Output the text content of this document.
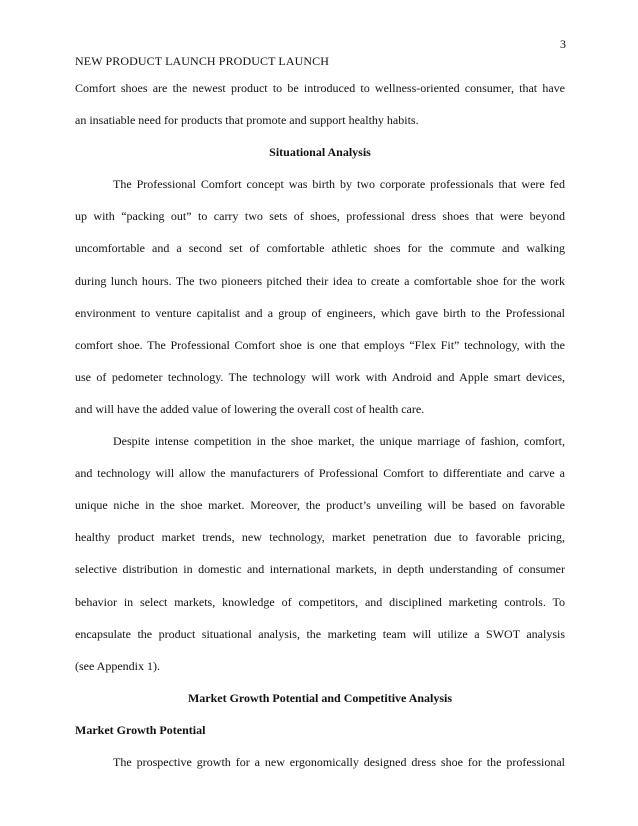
3
NEW PRODUCT LAUNCH PRODUCT LAUNCH
Comfort shoes are the newest product to be introduced to wellness-oriented consumer, that have
an insatiable need for products that promote and support healthy habits.
Situational Analysis
The Professional Comfort concept was birth by two corporate professionals that were fed
up with “packing out” to carry two sets of shoes, professional dress shoes that were beyond
uncomfortable and a second set of comfortable athletic shoes for the commute and walking
during lunch hours. The two pioneers pitched their idea to create a comfortable shoe for the work
environment to venture capitalist and a group of engineers, which gave birth to the Professional
comfort shoe. The Professional Comfort shoe is one that employs “Flex Fit” technology, with the
use of pedometer technology. The technology will work with Android and Apple smart devices,
and will have the added value of lowering the overall cost of health care.
Despite intense competition in the shoe market, the unique marriage of fashion, comfort,
and technology will allow the manufacturers of Professional Comfort to differentiate and carve a
unique niche in the shoe market. Moreover, the product’s unveiling will be based on favorable
healthy product market trends, new technology, market penetration due to favorable pricing,
selective distribution in domestic and international markets, in depth understanding of consumer
behavior in select markets, knowledge of competitors, and disciplined marketing controls. To
encapsulate the product situational analysis, the marketing team will utilize a SWOT analysis
(see Appendix 1).
Market Growth Potential and Competitive Analysis
Market Growth Potential
The prospective growth for a new ergonomically designed dress shoe for the professional
